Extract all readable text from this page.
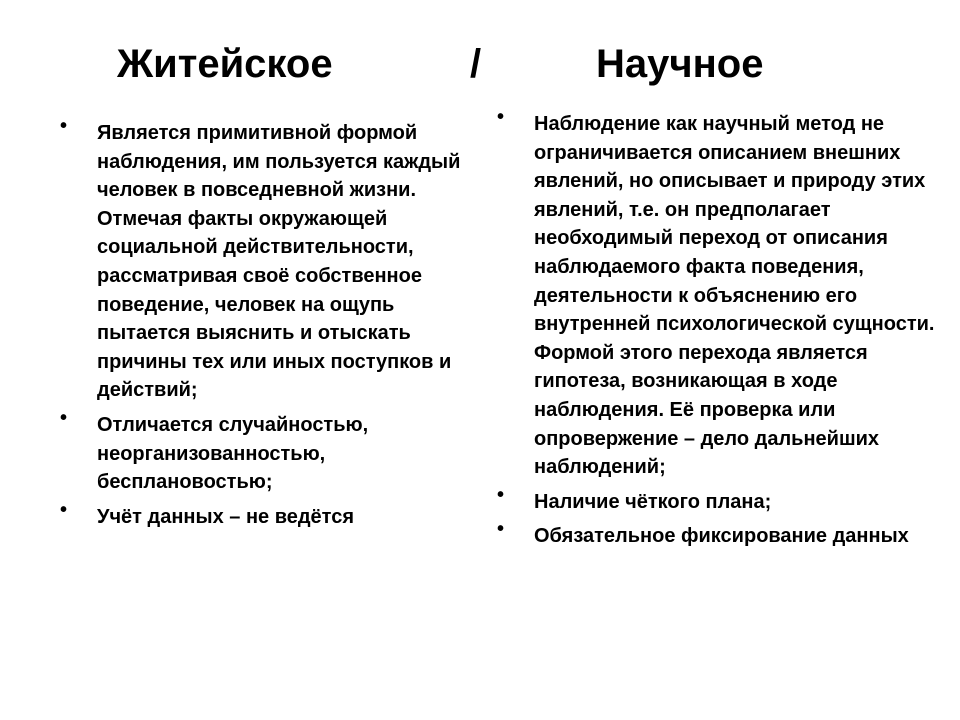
Житейское	/	Научное
• Является примитивной формой наблюдения, им пользуется каждый человек в повседневной жизни. Отмечая факты окружающей социальной действительности, рассматривая своё собственное поведение, человек на ощупь пытается выяснить и отыскать причины тех или иных поступков и действий;
• Отличается случайностью, неорганизованностью, бесплановостью;
• Учёт данных – не ведётся
• Наблюдение как научный метод не ограничивается описанием внешних явлений, но описывает и природу этих явлений, т.е. он предполагает необходимый переход от описания наблюдаемого факта поведения, деятельности к объяснению его внутренней психологической сущности. Формой этого перехода является гипотеза, возникающая в ходе наблюдения. Её проверка или опровержение – дело дальнейших наблюдений;
• Наличие чёткого плана;
• Обязательное фиксирование данных
